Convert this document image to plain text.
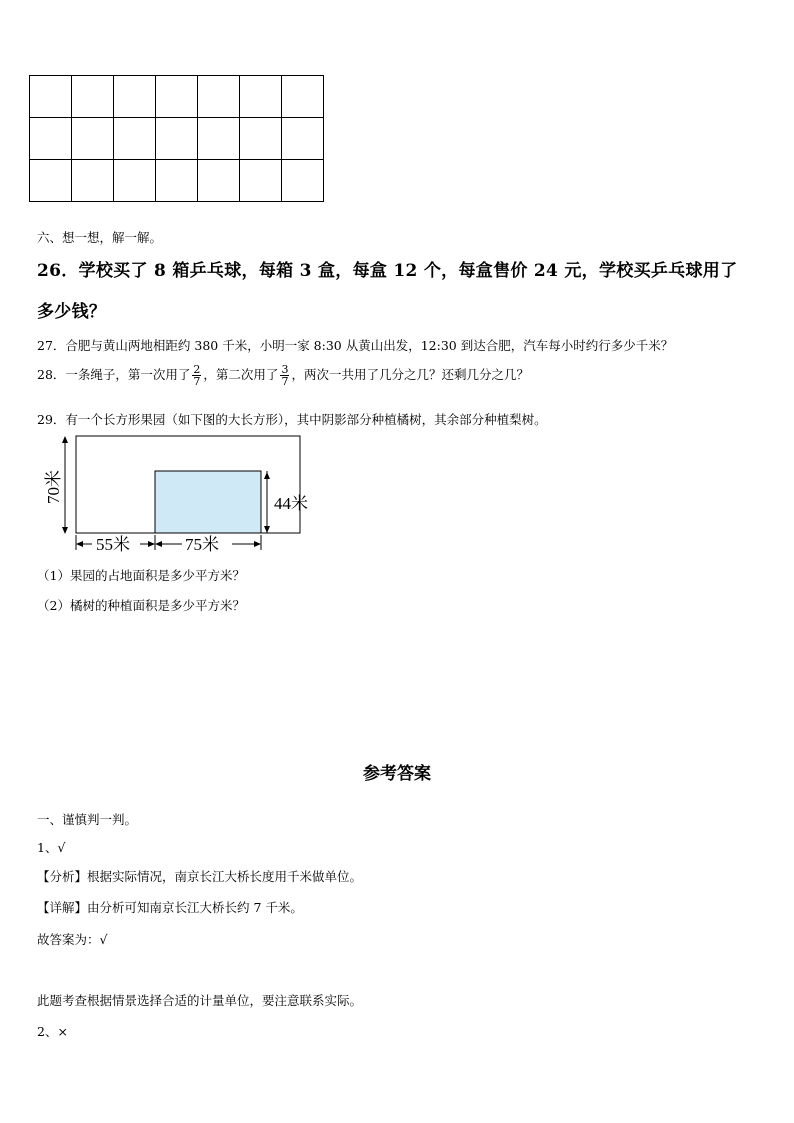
六、想一想，解一解。
26．学校买了 8 箱乒乓球，每箱 3 盒，每盒 12 个，每盒售价 24 元，学校买乒乓球用了
多少钱？
27．合肥与黄山两地相距约 380 千米，小明一家 8:30 从黄山出发，12:30 到达合肥，汽车每小时约行多少千米？
28．一条绳子，第一次用了 $\frac{2}{7}$ ，第二次用了 $\frac{3}{7}$ ，两次一共用了几分之几？还剩几分之几？
29．有一个长方形果园（如下图的大长方形），其中阴影部分种植橘树，其余部分种植梨树。
70米	44米
55米	75米
（1）果园的占地面积是多少平方米？
（2）橘树的种植面积是多少平方米？
参考答案
一、谨慎判一判。
1、√
【分析】根据实际情况，南京长江大桥长度用千米做单位。
【详解】由分析可知南京长江大桥长约 7 千米。
故答案为：√
此题考查根据情景选择合适的计量单位，要注意联系实际。
2、×
